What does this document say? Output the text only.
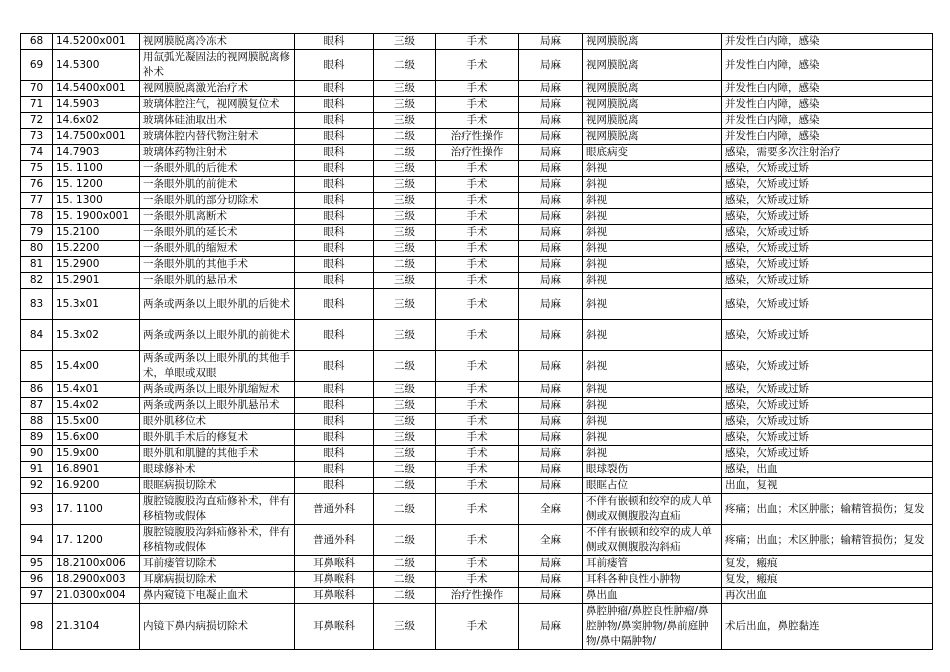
68	14.5200x001	视网膜脱离冷冻术	眼科	三级	手术	局麻	视网膜脱离	并发性白内障，感染
69	14.5300	用氙弧光凝固法的视网膜脱离修补术	眼科	二级	手术	局麻	视网膜脱离	并发性白内障，感染
70	14.5400x001	视网膜脱离激光治疗术	眼科	三级	手术	局麻	视网膜脱离	并发性白内障，感染
71	14.5903	玻璃体腔注气，视网膜复位术	眼科	三级	手术	局麻	视网膜脱离	并发性白内障，感染
72	14.6x02	玻璃体硅油取出术	眼科	三级	手术	局麻	视网膜脱离	并发性白内障，感染
73	14.7500x001	玻璃体腔内替代物注射术	眼科	二级	治疗性操作	局麻	视网膜脱离	并发性白内障，感染
74	14.7903	玻璃体药物注射术	眼科	二级	治疗性操作	局麻	眼底病变	感染，需要多次注射治疗
75	15. 1100	一条眼外肌的后徙术	眼科	三级	手术	局麻	斜视	感染，欠矫或过矫
76	15. 1200	一条眼外肌的前徙术	眼科	三级	手术	局麻	斜视	感染，欠矫或过矫
77	15. 1300	一条眼外肌的部分切除术	眼科	三级	手术	局麻	斜视	感染，欠矫或过矫
78	15. 1900x001	一条眼外肌离断术	眼科	三级	手术	局麻	斜视	感染，欠矫或过矫
79	15.2100	一条眼外肌的延长术	眼科	三级	手术	局麻	斜视	感染，欠矫或过矫
80	15.2200	一条眼外肌的缩短术	眼科	三级	手术	局麻	斜视	感染，欠矫或过矫
81	15.2900	一条眼外肌的其他手术	眼科	二级	手术	局麻	斜视	感染，欠矫或过矫
82	15.2901	一条眼外肌的悬吊术	眼科	三级	手术	局麻	斜视	感染，欠矫或过矫
83	15.3x01	两条或两条以上眼外肌的后徙术	眼科	三级	手术	局麻	斜视	感染，欠矫或过矫
84	15.3x02	两条或两条以上眼外肌的前徙术	眼科	三级	手术	局麻	斜视	感染，欠矫或过矫
85	15.4x00	两条或两条以上眼外肌的其他手术，单眼或双眼	眼科	二级	手术	局麻	斜视	感染，欠矫或过矫
86	15.4x01	两条或两条以上眼外肌缩短术	眼科	三级	手术	局麻	斜视	感染，欠矫或过矫
87	15.4x02	两条或两条以上眼外肌悬吊术	眼科	三级	手术	局麻	斜视	感染，欠矫或过矫
88	15.5x00	眼外肌移位术	眼科	三级	手术	局麻	斜视	感染，欠矫或过矫
89	15.6x00	眼外肌手术后的修复术	眼科	三级	手术	局麻	斜视	感染，欠矫或过矫
90	15.9x00	眼外肌和肌腱的其他手术	眼科	三级	手术	局麻	斜视	感染，欠矫或过矫
91	16.8901	眼球修补术	眼科	二级	手术	局麻	眼球裂伤	感染，出血
92	16.9200	眼眶病损切除术	眼科	二级	手术	局麻	眼眶占位	出血，复视
93	17. 1100	腹腔镜腹股沟直疝修补术，伴有移植物或假体	普通外科	二级	手术	全麻	不伴有嵌顿和绞窄的成人单侧或双侧腹股沟直疝	疼痛；出血；术区肿胀；输精管损伤；复发
94	17. 1200	腹腔镜腹股沟斜疝修补术，伴有移植物或假体	普通外科	二级	手术	全麻	不伴有嵌顿和绞窄的成人单侧或双侧腹股沟斜疝	疼痛；出血；术区肿胀；输精管损伤；复发
95	18.2100x006	耳前瘘管切除术	耳鼻喉科	二级	手术	局麻	耳前瘘管	复发，瘢痕
96	18.2900x003	耳廓病损切除术	耳鼻喉科	二级	手术	局麻	耳科各种良性小肿物	复发，瘢痕
97	21.0300x004	鼻内窥镜下电凝止血术	耳鼻喉科	二级	治疗性操作	局麻	鼻出血	再次出血
98	21.3104	内镜下鼻内病损切除术	耳鼻喉科	三级	手术	局麻	鼻腔肿瘤/鼻腔良性肿瘤/鼻腔肿物/鼻窦肿物/鼻前庭肿物/鼻中隔肿物/	术后出血，鼻腔黏连
